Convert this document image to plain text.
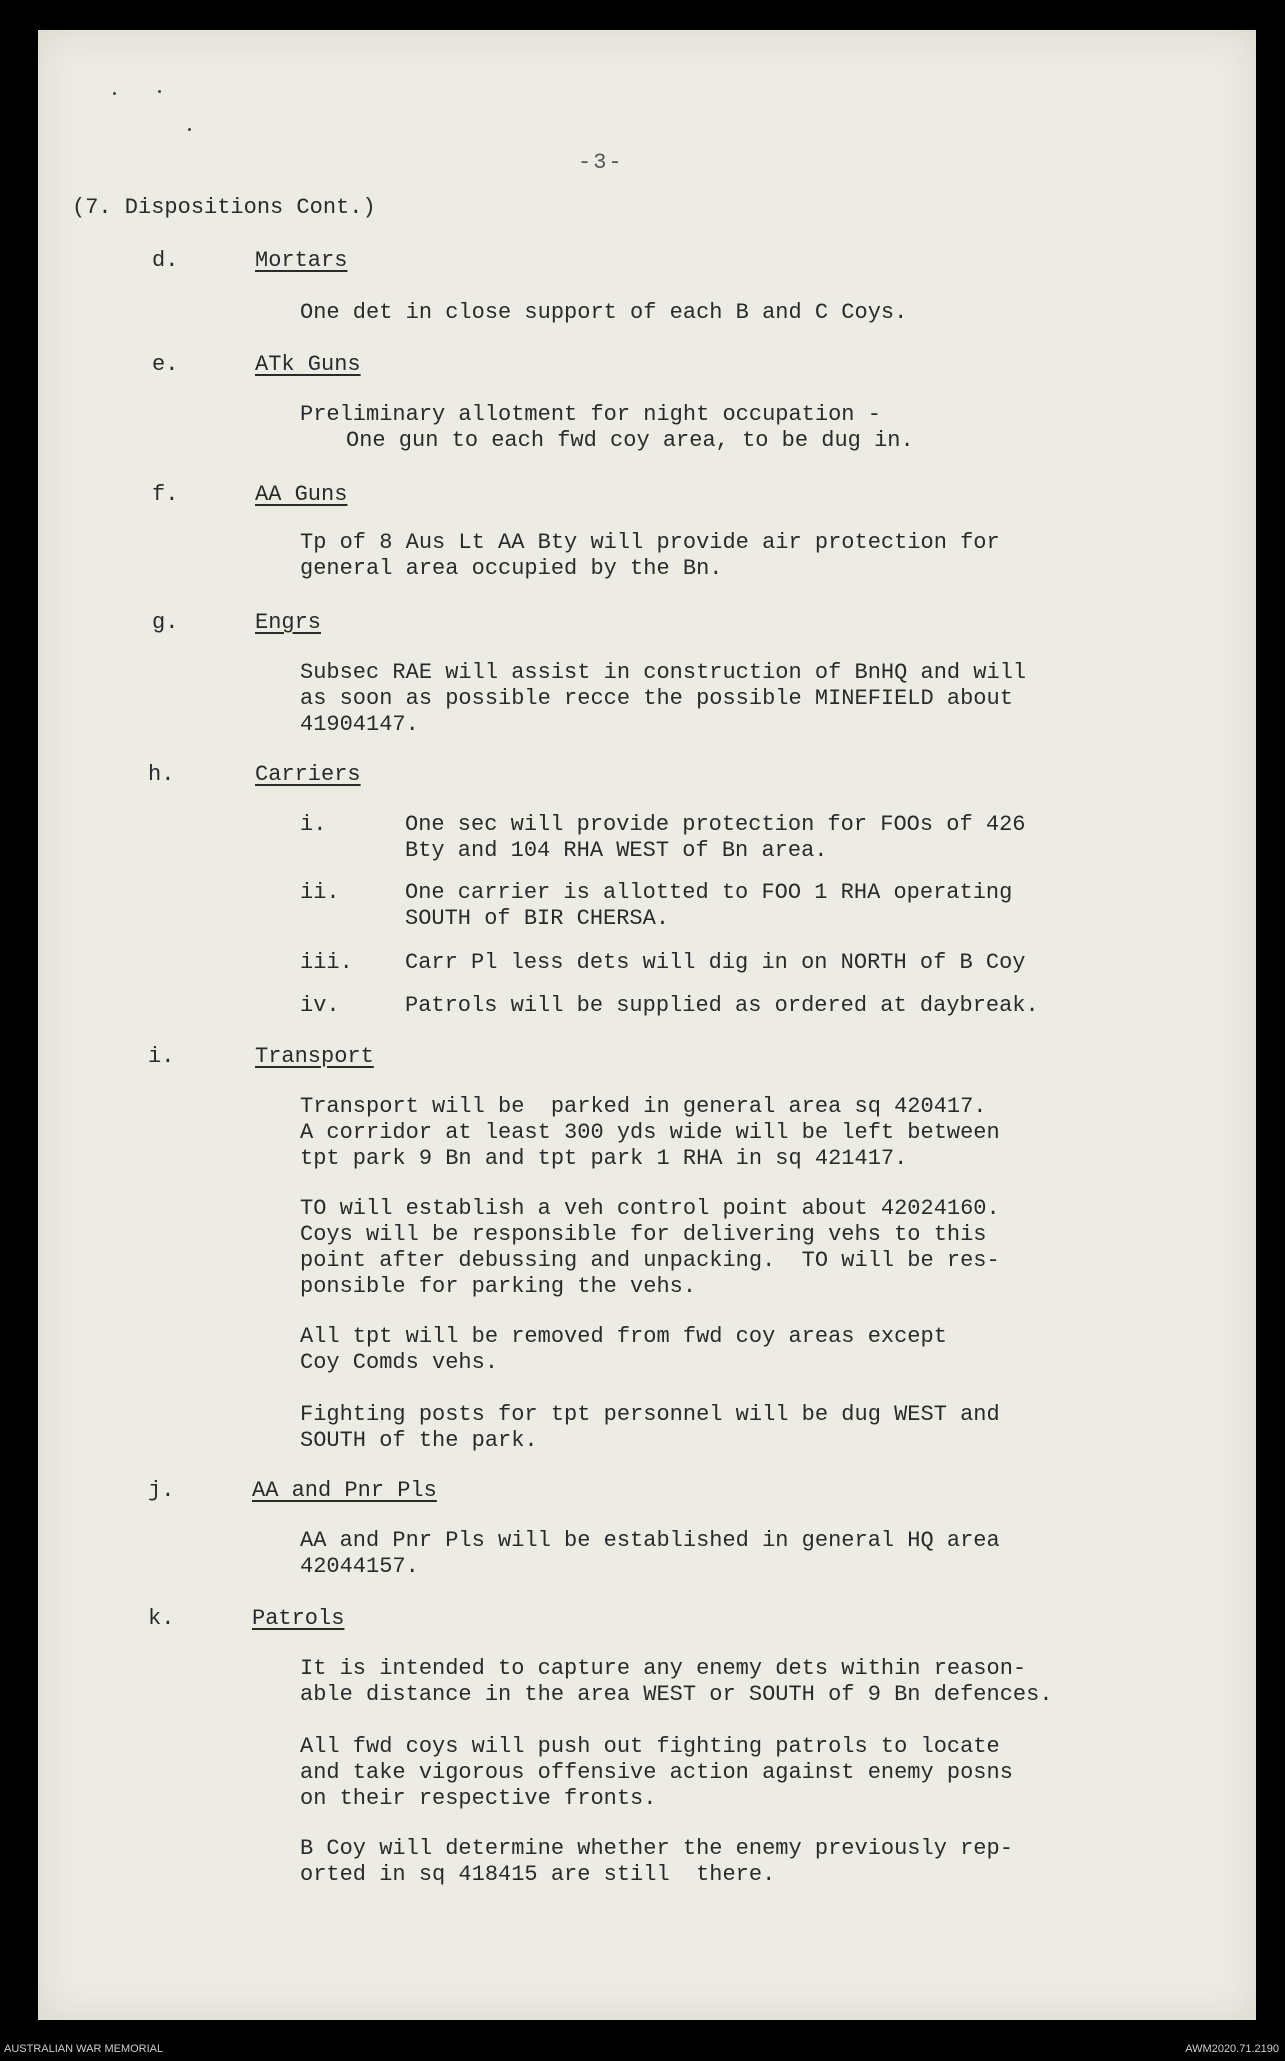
-3-
(7. Dispositions Cont.)
d.	Mortars
One det in close support of each B and C Coys.
e.	ATk Guns
Preliminary allotment for night occupation -
One gun to each fwd coy area, to be dug in.
f.	AA Guns
Tp of 8 Aus Lt AA Bty will provide air protection for
general area occupied by the Bn.
g.	Engrs
Subsec RAE will assist in construction of BnHQ and will
as soon as possible recce the possible MINEFIELD about
41904147.
h.	Carriers
i.	One sec will provide protection for FOOs of 426
Bty and 104 RHA WEST of Bn area.
ii.	One carrier is allotted to FOO 1 RHA operating
SOUTH of BIR CHERSA.
iii. Carr Pl less dets will dig in on NORTH of B Coy
iv.	Patrols will be supplied as ordered at daybreak.
i.	Transport
Transport will be  parked in general area sq 420417.
A corridor at least 300 yds wide will be left between
tpt park 9 Bn and tpt park 1 RHA in sq 421417.
TO will establish a veh control point about 42024160.
Coys will be responsible for delivering vehs to this
point after debussing and unpacking.  TO will be res-
ponsible for parking the vehs.
All tpt will be removed from fwd coy areas except
Coy Comds vehs.
Fighting posts for tpt personnel will be dug WEST and
SOUTH of the park.
j.	AA and Pnr Pls
AA and Pnr Pls will be established in general HQ area
42044157.
k.	Patrols
It is intended to capture any enemy dets within reason-
able distance in the area WEST or SOUTH of 9 Bn defences.
All fwd coys will push out fighting patrols to locate
and take vigorous offensive action against enemy posns
on their respective fronts.
B Coy will determine whether the enemy previously rep-
orted in sq 418415 are still  there.
AUSTRALIAN WAR MEMORIAL	AWM2020.71.2190
